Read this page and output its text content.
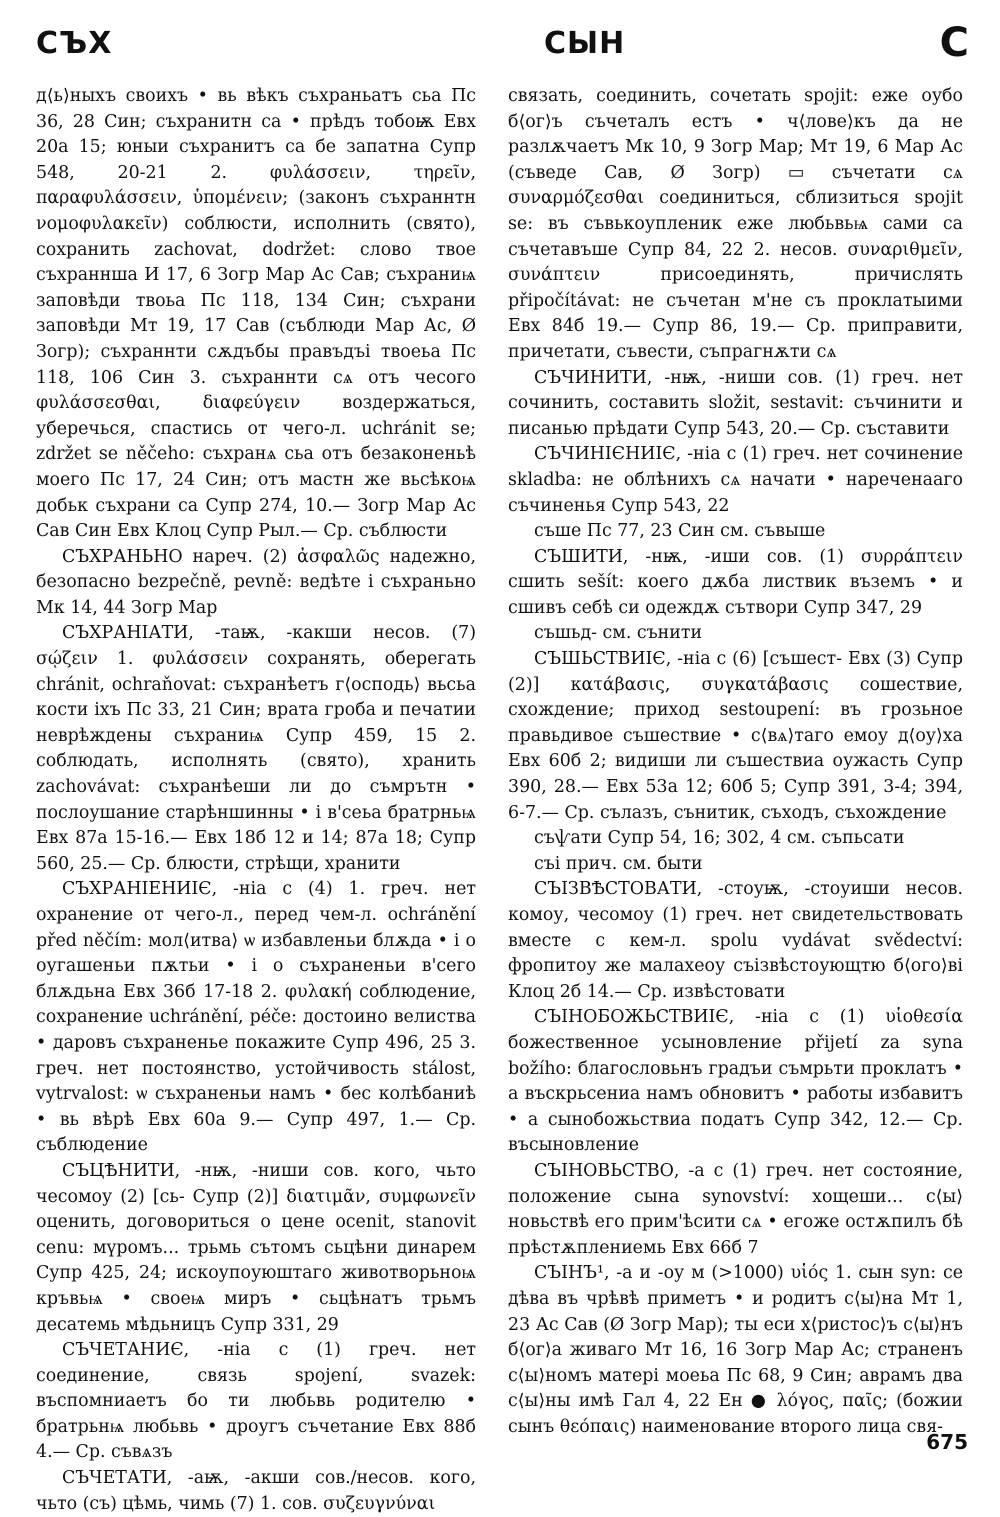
СЪХ	СЫН	С

д⟨ь⟩ныхъ своихъ • вь вѣкъ съхраньатъ сьа Пс 36, 28 Син; съхранитн са • прѣдъ тобоѭ Евх 20а 15; юныи съхранитъ са бе запатна Супр 548, 20-21 2. φυλάσσειν, τηρεῖν, παραφυλάσσειν, ὑπομένειν; (законъ съхраннтн νομοφυλακεῖν) соблюсти, исполнить (свято), сохранить zachovat, dodržet: слово твое съхраннша И 17, 6 Зогр Мар Ас Сав; съхраниѩ заповѣди твоьа Пс 118, 134 Син; съхрани заповѣди Мт 19, 17 Сав (съблюди Мар Ас, Ø Зогр); съхраннти сѫдъбы правъдъі твоеьа Пс 118, 106 Син 3. съхраннти сѧ отъ чесого φυλάσσεσθαι, διαφεύγειν воздержаться, уберечься, спастись от чего-л. uchránit se; zdržet se něčeho: съхранѧ сьа отъ безаконеньѣ моего Пс 17, 24 Син; отъ мастн же вьсѣкоѩ добьк съхрани са Супр 274, 10.— Зогр Мар Ас Сав Син Евх Клоц Супр Рыл.— Ср. съблюсти

СЪХРАНЬНО нареч. (2) ἀσφαλῶς надежно, безопасно bezpečně, pevně: ведѣте і съхраньно Мк 14, 44 Зогр Мар

СЪХРАНІАТИ, -таѭ, -какши несов. (7) σῴζειν 1. φυλάσσειν сохранять, оберегать chránit, ochraňovat: съхранѣетъ г⟨осподь⟩ вьсьа кости іхъ Пс 33, 21 Син; врата гроба и печатии неврѣждены съхраниѩ Супр 459, 15 2. соблюдать, исполнять (свято), хранить zachovávat: съхранѣеши ли до съмрътн • послоушание старѣншинны • і в'сеьа братрньѩ Евх 87а 15-16.— Евх 18б 12 и 14; 87а 18; Супр 560, 25.— Ср. блюсти, стрѣщи, хранити

СЪХРАНІЕНИІЄ, -ніа с (4) 1. греч. нет охранение от чего-л., перед чем-л. ochránění před něčím: мол⟨итва⟩ ѡ избавленьи блѫда • і о оугашеньи пѫтьи • і о съхраненьи в'сего блѫдьна Евх 36б 17-18 2. φυλακή соблюдение, сохранение uchránění, péče: достоино велиства • даровъ съхраненье покажите Супр 496, 25 3. греч. нет постоянство, устойчивость stálost, vytrvalost: ѡ съхраненьи намъ • бес колѣбаниѣ • вь вѣрѣ Евх 60а 9.— Супр 497, 1.— Ср. съблюдение

СЪЦѢНИТИ, -нѭ, -ниши сов. кого, чьто чесомоу (2) [сь- Супр (2)] διατιμᾶν, συμφωνεῖν оценить, договориться о цене ocenit, stanovit cenu: мүромъ... трьмь сътомъ сьцѣни динарем Супр 425, 24; искоупоуюштаго животворьноѩ кръвьѩ • своеѩ миръ • сьцѣнатъ трьмъ десатемь мѣдьницъ Супр 331, 29

СЪЧЕТАНИЄ, -ніа с (1) греч. нет соединение, связь spojení, svazek: въспомниаетъ бо ти любьвь родителю • братрьнѩ любьвь • дроугъ съчетание Евх 88б 4.— Ср. съвѧзъ

СЪЧЕТАТИ, -аѭ, -акши сов./несов. кого, чьто (съ) цѣмь, чимь (7) 1. сов. συζευγνύναι

связать, соединить, сочетать spojit: еже оубо б⟨ог⟩ъ съчеталъ естъ • ч⟨лове⟩къ да не разлѫчаетъ Мк 10, 9 Зогр Мар; Мт 19, 6 Мар Ас (съведе Сав, Ø Зогр) ▭ съчетати сѧ συναρμόζεσθαι соединиться, сблизиться spojit se: въ съвькоупленик еже любьвьѩ сами са съчетавъше Супр 84, 22 2. несов. συναριθμεῖν, συνάπτειν присоединять, причислять připočítávat: не съчетан м'не съ проклатыими Евх 84б 19.— Супр 86, 19.— Ср. приправити, причетати, съвести, съпрагнѫти сѧ

СЪЧИНИТИ, -нѭ, -ниши сов. (1) греч. нет сочинить, составить složit, sestavit: съчинити и писанью прѣдати Супр 543, 20.— Ср. съставити

СЪЧИНІЄНИІЄ, -ніа с (1) греч. нет сочинение skladba: не облѣнихъ сѧ начати • нареченааго съчиненья Супр 543, 22

съше Пс 77, 23 Син см. съвыше

СЪШИТИ, -нѭ, -иши сов. (1) συρράπτειν сшить sešít: коего дѫба листвик въземъ • и сшивъ себѣ си одеждѫ сътвори Супр 347, 29

съшьд- см. сънити

СЪШЬСТВИІЄ, -ніа с (6) [съшест- Евх (3) Супр (2)] κατάβασις, συγκατάβασις сошествие, схождение; приход sestoupení: въ грозьное правьдивое съшествие • с⟨вѧ⟩таго емоу д⟨оу⟩ха Евх 60б 2; видиши ли съшествиа оужасть Супр 390, 28.— Евх 53а 12; 60б 5; Супр 391, 3-4; 394, 6-7.— Ср. сълазъ, сънитик, съходъ, съхождение

съѱати Супр 54, 16; 302, 4 см. съпьсати

съі прич. см. быти

СЪІЗВѢСТОВАТИ, -стоуѭ, -стоуиши несов. комоу, чесомоу (1) греч. нет свидетельствовать вместе с кем-л. spolu vydávat svědectví: фропитоу же малахеоу съізвѣстоующтю б⟨ого⟩ві Клоц 2б 14.— Ср. извѣстовати

СЪІНОБОЖЬСТВИІЄ, -ніа с (1) υἱοθεσία божественное усыновление přijetí za syna božího: благословьнъ градъи съмрьти проклатъ • а въскрьсениа намъ обновитъ • работы избавитъ • а сынобожьствиа податъ Супр 342, 12.— Ср. въсыновление

СЪІНОВЬСТВО, -а с (1) греч. нет состояние, положение сына synovství: хощеши... с⟨ы⟩новьствѣ его прим'ѣсити сѧ • егоже остѫпилъ бѣ прѣстѫплениемь Евх 66б 7

СЪІНЪ¹, -а и -оу м (>1000) υἱός 1. сын syn: се дѣва въ чрѣвѣ приметъ • и родитъ с⟨ы⟩на Мт 1, 23 Ас Сав (Ø Зогр Мар); ты еси х⟨ристос⟩ъ с⟨ы⟩нъ б⟨ог⟩а живаго Мт 16, 16 Зогр Мар Ас; страненъ с⟨ы⟩номъ матері моеьа Пс 68, 9 Син; аврамъ два с⟨ы⟩ны имѣ Гал 4, 22 Ен ● λόγος, παῖς; (божии сынъ θεόπαις) наименование второго лица свя-

675
